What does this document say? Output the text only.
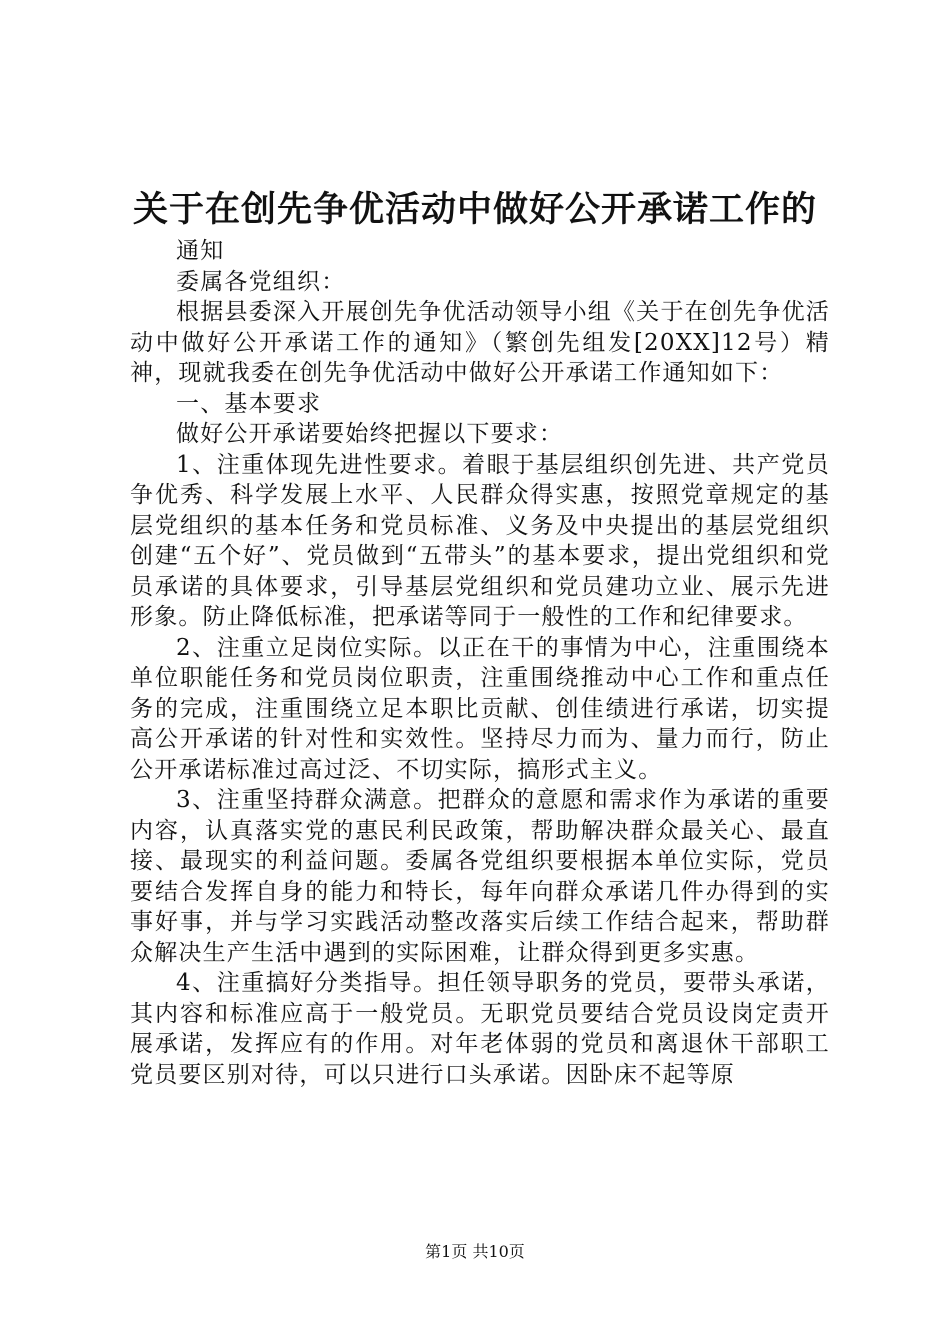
关于在创先争优活动中做好公开承诺工作的

通知

委属各党组织：

根据县委深入开展创先争优活动领导小组《关于在创先争优活动中做好公开承诺工作的通知》（繁创先组发[20XX]12号）精神，现就我委在创先争优活动中做好公开承诺工作通知如下：

一、基本要求

做好公开承诺要始终把握以下要求：

1、注重体现先进性要求。着眼于基层组织创先进、共产党员争优秀、科学发展上水平、人民群众得实惠，按照党章规定的基层党组织的基本任务和党员标准、义务及中央提出的基层党组织创建“五个好”、党员做到“五带头”的基本要求，提出党组织和党员承诺的具体要求，引导基层党组织和党员建功立业、展示先进形象。防止降低标准，把承诺等同于一般性的工作和纪律要求。

2、注重立足岗位实际。以正在干的事情为中心，注重围绕本单位职能任务和党员岗位职责，注重围绕推动中心工作和重点任务的完成，注重围绕立足本职比贡献、创佳绩进行承诺，切实提高公开承诺的针对性和实效性。坚持尽力而为、量力而行，防止公开承诺标准过高过泛、不切实际，搞形式主义。

3、注重坚持群众满意。把群众的意愿和需求作为承诺的重要内容，认真落实党的惠民利民政策，帮助解决群众最关心、最直接、最现实的利益问题。委属各党组织要根据本单位实际，党员要结合发挥自身的能力和特长，每年向群众承诺几件办得到的实事好事，并与学习实践活动整改落实后续工作结合起来，帮助群众解决生产生活中遇到的实际困难，让群众得到更多实惠。

4、注重搞好分类指导。担任领导职务的党员，要带头承诺，其内容和标准应高于一般党员。无职党员要结合党员设岗定责开展承诺，发挥应有的作用。对年老体弱的党员和离退休干部职工党员要区别对待，可以只进行口头承诺。因卧床不起等原

第1页 共10页
